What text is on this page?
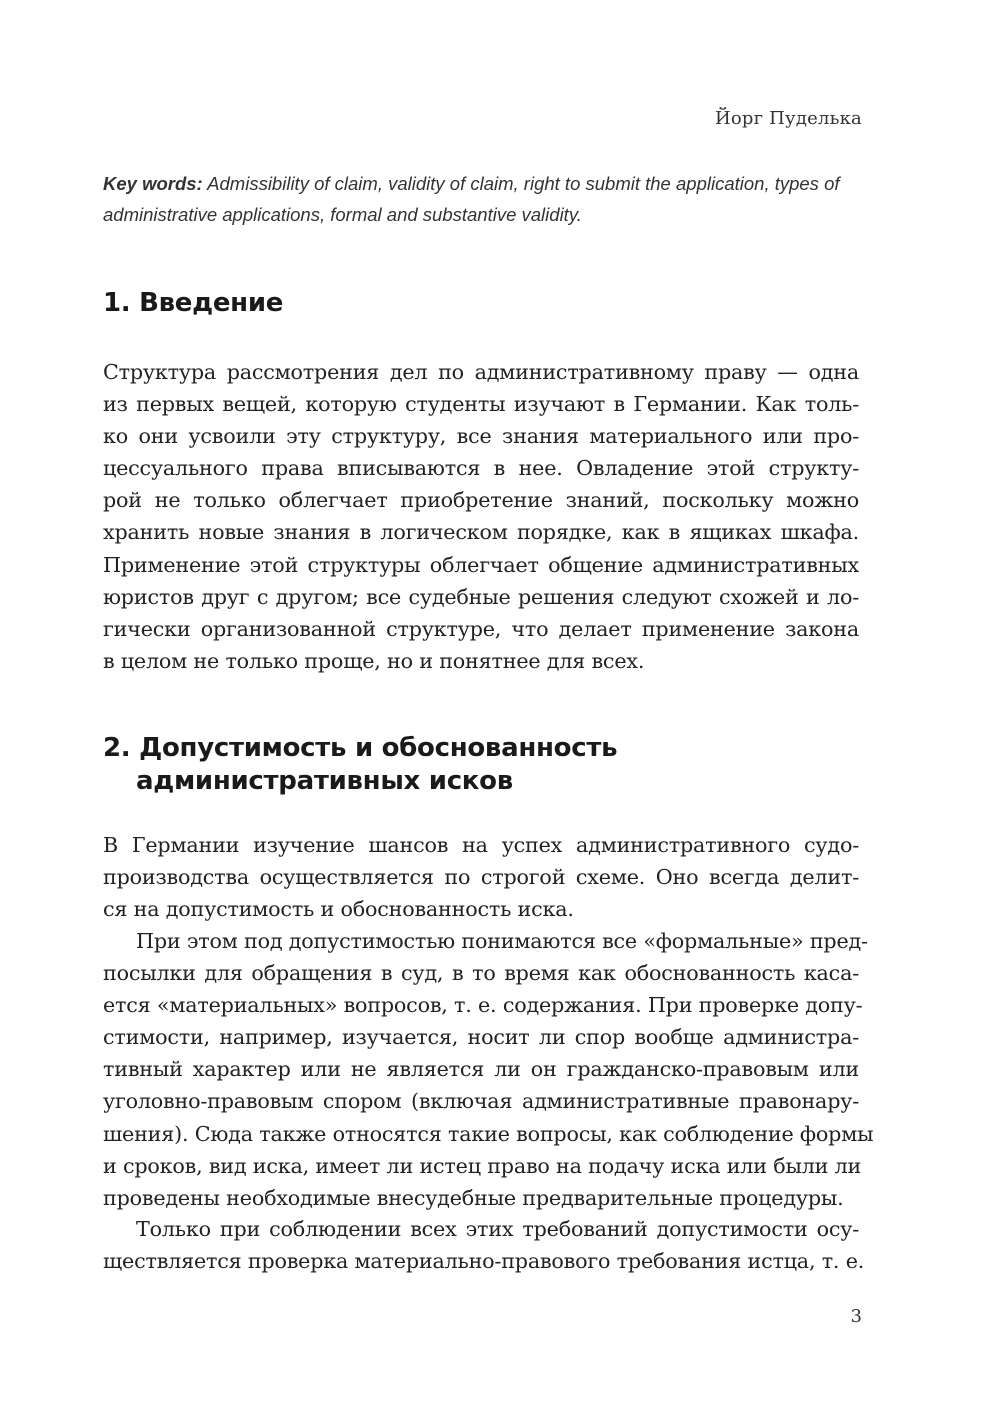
Йорг Пуделька
Key words: Admissibility of claim, validity of claim, right to submit the application, types of administrative applications, formal and substantive validity.
1. Введение

Структура рассмотрения дел по административному праву — одна
из первых вещей, которую студенты изучают в Германии. Как толь-
ко они усвоили эту структуру, все знания материального или про-
цессуального права вписываются в нее. Овладение этой структу-
рой не только облегчает приобретение знаний, поскольку можно
хранить новые знания в логическом порядке, как в ящиках шкафа.
Применение этой структуры облегчает общение административных
юристов друг с другом; все судебные решения следуют схожей и ло-
гически организованной структуре, что делает применение закона
в целом не только проще, но и понятнее для всех.

2. Допустимость и обоснованность
административных исков

В Германии изучение шансов на успех административного судо-
производства осуществляется по строгой схеме. Оно всегда делит-
ся на допустимость и обоснованность иска.

При этом под допустимостью понимаются все «формальные» пред-
посылки для обращения в суд, в то время как обоснованность каса-
ется «материальных» вопросов, т. е. содержания. При проверке допу-
стимости, например, изучается, носит ли спор вообще администра-
тивный характер или не является ли он гражданско-правовым или
уголовно-правовым спором (включая административные правонару-
шения). Сюда также относятся такие вопросы, как соблюдение формы
и сроков, вид иска, имеет ли истец право на подачу иска или были ли
проведены необходимые внесудебные предварительные процедуры.

Только при соблюдении всех этих требований допустимости осу-
ществляется проверка материально-правового требования истца, т. е.

3
